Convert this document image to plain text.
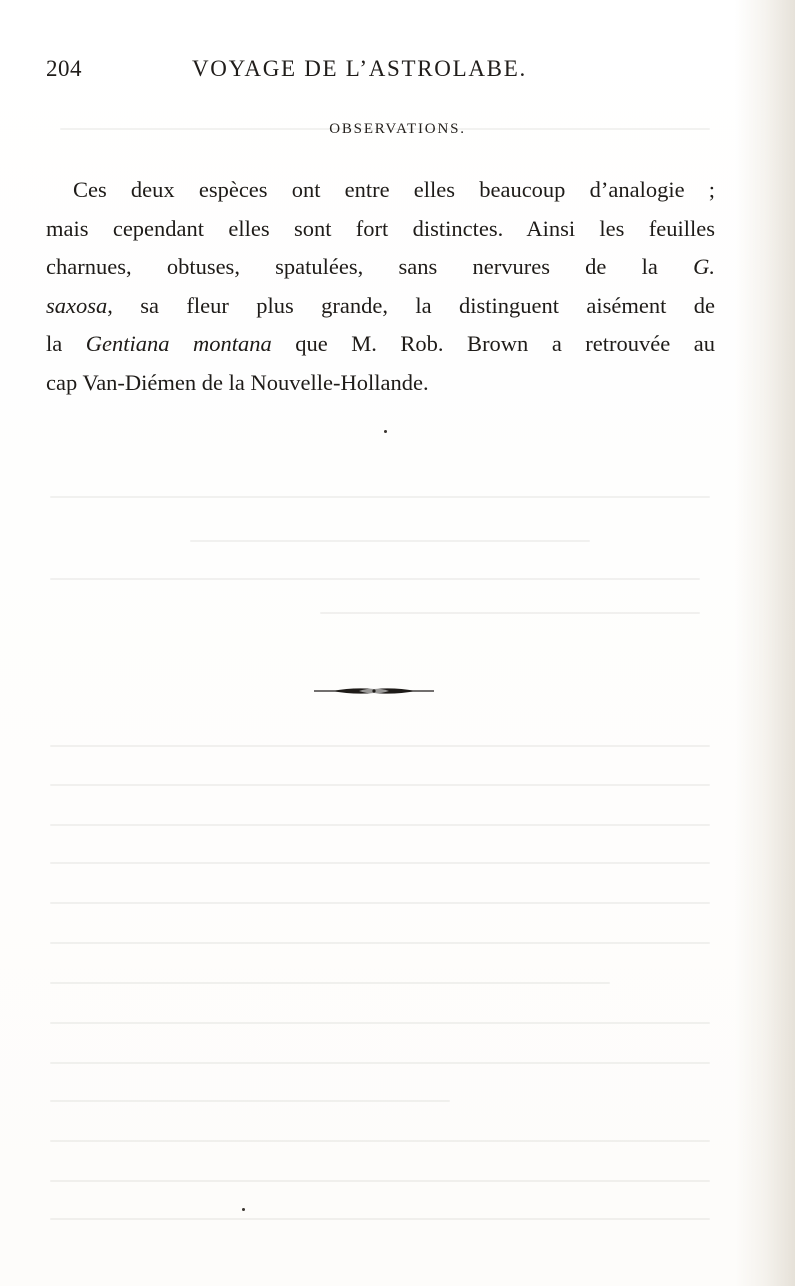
204	VOYAGE DE L’ASTROLABE.
OBSERVATIONS.
Ces deux espèces ont entre elles beaucoup d’analogie ;
mais cependant elles sont fort distinctes. Ainsi les feuilles
charnues, obtuses, spatulées, sans nervures de la G.
saxosa, sa fleur plus grande, la distinguent aisément de
la Gentiana montana que M. Rob. Brown a retrouvée au
cap Van-Diémen de la Nouvelle-Hollande.
